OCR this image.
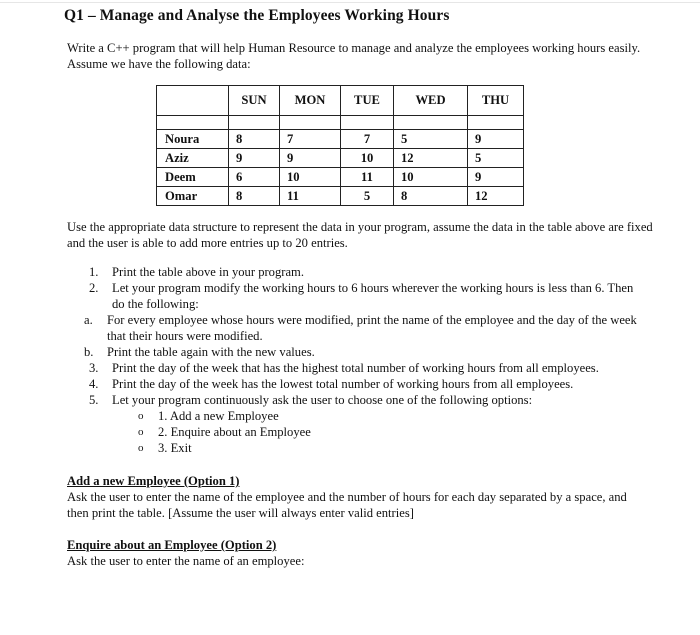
Q1 – Manage and Analyse the Employees Working Hours
Write a C++ program that will help Human Resource to manage and analyze the employees working hours easily. Assume we have the following data:
	SUN	MON	TUE	WED	THU

Noura	8	7	7	5	9
Aziz	9	9	10	12	5
Deem	6	10	11	10	9
Omar	8	11	5	8	12
Use the appropriate data structure to represent the data in your program, assume the data in the table above are fixed and the user is able to add more entries up to 20 entries.
1. Print the table above in your program.
2. Let your program modify the working hours to 6 hours wherever the working hours is less than 6. Then do the following:
a. For every employee whose hours were modified, print the name of the employee and the day of the week that their hours were modified.
b. Print the table again with the new values.
3. Print the day of the week that has the highest total number of working hours from all employees.
4. Print the day of the week has the lowest total number of working hours from all employees.
5. Let your program continuously ask the user to choose one of the following options:
o 1. Add a new Employee
o 2. Enquire about an Employee
o 3. Exit
Add a new Employee (Option 1)
Ask the user to enter the name of the employee and the number of hours for each day separated by a space, and then print the table. [Assume the user will always enter valid entries]
Enquire about an Employee (Option 2)
Ask the user to enter the name of an employee:
